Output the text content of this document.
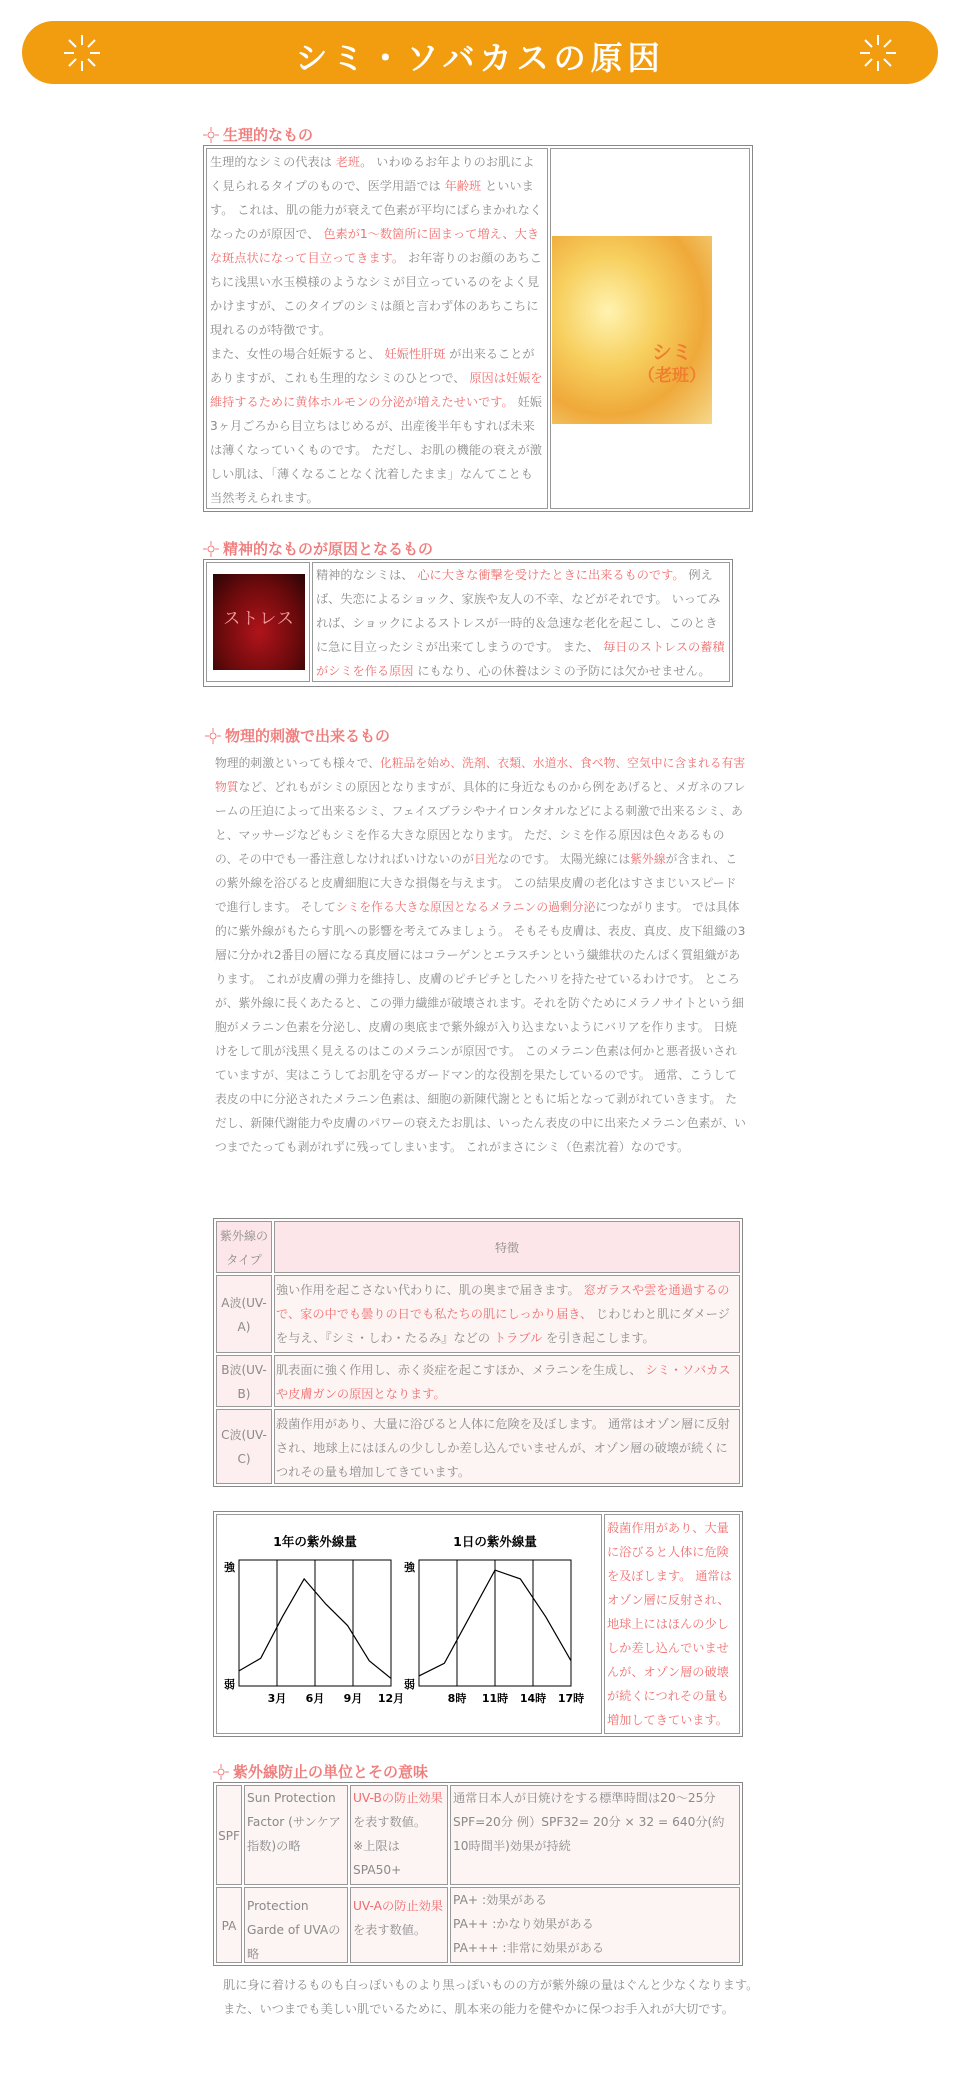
シミ・ソバカスの原因
生理的なもの

生理的なシミの代表は 老班。 いわゆるお年よりのお肌によく見られるタイプのもので、医学用語では 年齢班 といいます。 これは、肌の能力が衰えて色素が平均にばらまかれなくなったのが原因で、 色素が1～数箇所に固まって増え、大きな斑点状になって目立ってきます。 お年寄りのお顔のあちこちに浅黒い水玉模様のようなシミが目立っているのをよく見かけますが、このタイプのシミは顔と言わず体のあちこちに現れるのが特徴です。

また、女性の場合妊娠すると、 妊娠性肝斑 が出来ることがありますが、これも生理的なシミのひとつで、 原因は妊娠を維持するために黄体ホルモンの分泌が増えたせいです。 妊娠3ヶ月ごろから目立ちはじめるが、出産後半年もすれば未来は薄くなっていくものです。 ただし、お肌の機能の衰えが激しい肌は、「薄くなることなく沈着したまま」なんてことも当然考えられます。

シミ
（老班）
精神的なものが原因となるもの
ストレス

精神的なシミは、 心に大きな衝撃を受けたときに出来るものです。 例えば、失恋によるショック、家族や友人の不幸、などがそれです。 いってみれば、ショックによるストレスが一時的＆急速な老化を起こし、このときに急に目立ったシミが出来てしまうのです。 また、 毎日のストレスの蓄積がシミを作る原因 にもなり、心の休養はシミの予防には欠かせません。

物理的刺激で出来るもの

物理的刺激といっても様々で、化粧品を始め、洗剤、衣類、水道水、食べ物、空気中に含まれる有害物質など、どれもがシミの原因となりますが、具体的に身近なものから例をあげると、メガネのフレームの圧迫によって出来るシミ、フェイスブラシやナイロンタオルなどによる刺激で出来るシミ、あと、マッサージなどもシミを作る大きな原因となります。 ただ、シミを作る原因は色々あるものの、その中でも一番注意しなければいけないのが日光なのです。 太陽光線には紫外線が含まれ、この紫外線を浴びると皮膚細胞に大きな損傷を与えます。 この結果皮膚の老化はすさまじいスピードで進行します。 そしてシミを作る大きな原因となるメラニンの過剰分泌につながります。 では具体的に紫外線がもたらす肌への影響を考えてみましょう。 そもそも皮膚は、表皮、真皮、皮下組織の3層に分かれ2番目の層になる真皮層にはコラーゲンとエラスチンという繊維状のたんぱく質組織があります。 これが皮膚の弾力を維持し、皮膚のピチピチとしたハリを持たせているわけです。 ところが、紫外線に長くあたると、この弾力繊維が破壊されます。それを防ぐためにメラノサイトという細胞がメラニン色素を分泌し、皮膚の奥底まで紫外線が入り込まないようにバリアを作ります。 日焼けをして肌が浅黒く見えるのはこのメラニンが原因です。 このメラニン色素は何かと悪者扱いされていますが、実はこうしてお肌を守るガードマン的な役割を果たしているのです。 通常、こうして表皮の中に分泌されたメラニン色素は、細胞の新陳代謝とともに垢となって剥がれていきます。 ただし、新陳代謝能力や皮膚のパワーの衰えたお肌は、いったん表皮の中に出来たメラニン色素が、いつまでたっても剥がれずに残ってしまいます。 これがまさにシミ（色素沈着）なのです。

紫外線のタイプ
特徴
A波(UV-A)
強い作用を起こさない代わりに、肌の奥まで届きます。 窓ガラスや雲を通過するので、家の中でも曇りの日でも私たちの肌にしっかり届き、 じわじわと肌にダメージを与え、『シミ・しわ・たるみ』などの トラブル を引き起こします。
B波(UV-B)
肌表面に強く作用し、赤く炎症を起こすほか、メラニンを生成し、 シミ・ソバカスや皮膚ガンの原因となります。
C波(UV-C)
殺菌作用があり、大量に浴びると人体に危険を及ぼします。 通常はオゾン層に反射され、地球上にはほんの少ししか差し込んでいませんが、オゾン層の破壊が続くにつれその量も増加してきています。
1年の紫外線量
3月 6月 9月 12月
強
弱
1日の紫外線量
8時 11時 14時 17時
強
弱
殺菌作用があり、大量に浴びると人体に危険を及ぼします。 通常はオゾン層に反射され、地球上にはほんの少ししか差し込んでいませんが、オゾン層の破壊が続くにつれその量も増加してきています。
紫外線防止の単位とその意味
SPF
Sun Protection Factor (サンケア指数)の略
UV-Bの防止効果
を表す数値。
※上限はSPA50+
通常日本人が日焼けをする標準時間は20～25分
SPF=20分 例）SPF32= 20分 × 32 = 640分(約10時間半)効果が持続
PA
Protection Garde of UVAの略
UV-Aの防止効果
を表す数値。
PA+ :効果がある
PA++ :かなり効果がある
PA+++ :非常に効果がある
肌に身に着けるものも白っぽいものより黒っぽいものの方が紫外線の量はぐんと少なくなります。
また、いつまでも美しい肌でいるために、肌本来の能力を健やかに保つお手入れが大切です。
